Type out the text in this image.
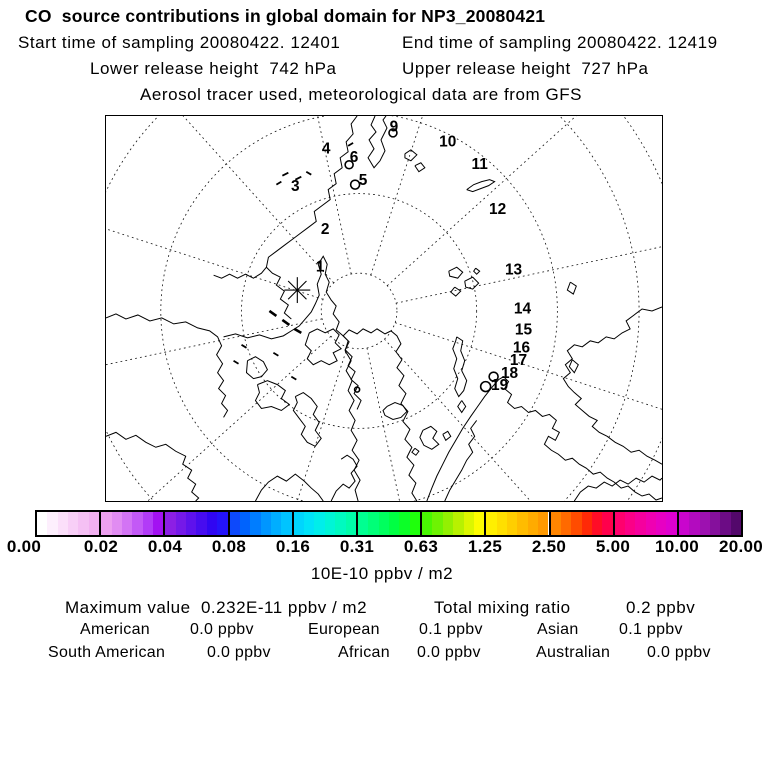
CO  source contributions in global domain for NP3_20080421
Start time of sampling 20080422. 12401	End time of sampling 20080422. 12419
Lower release height  742 hPa	Upper release height  727 hPa
Aerosol tracer used, meteorological data are from GFS
1
2
3
4
5
6
9
10
11
12
13
14
15
16
17
18
19
0.00	0.02 0.04 0.08 0.16 0.31 0.63 1.25 2.50 5.00 10.00 20.00
10E-10 ppbv / m2
Maximum value  0.232E-11 ppbv / m2	Total mixing ratio	0.2 ppbv
American	0.0 ppbv	European 0.1 ppbv	Asian	0.1 ppbv
South American	0.0 ppbv	African 0.0 ppbv	Australian 0.0 ppbv
